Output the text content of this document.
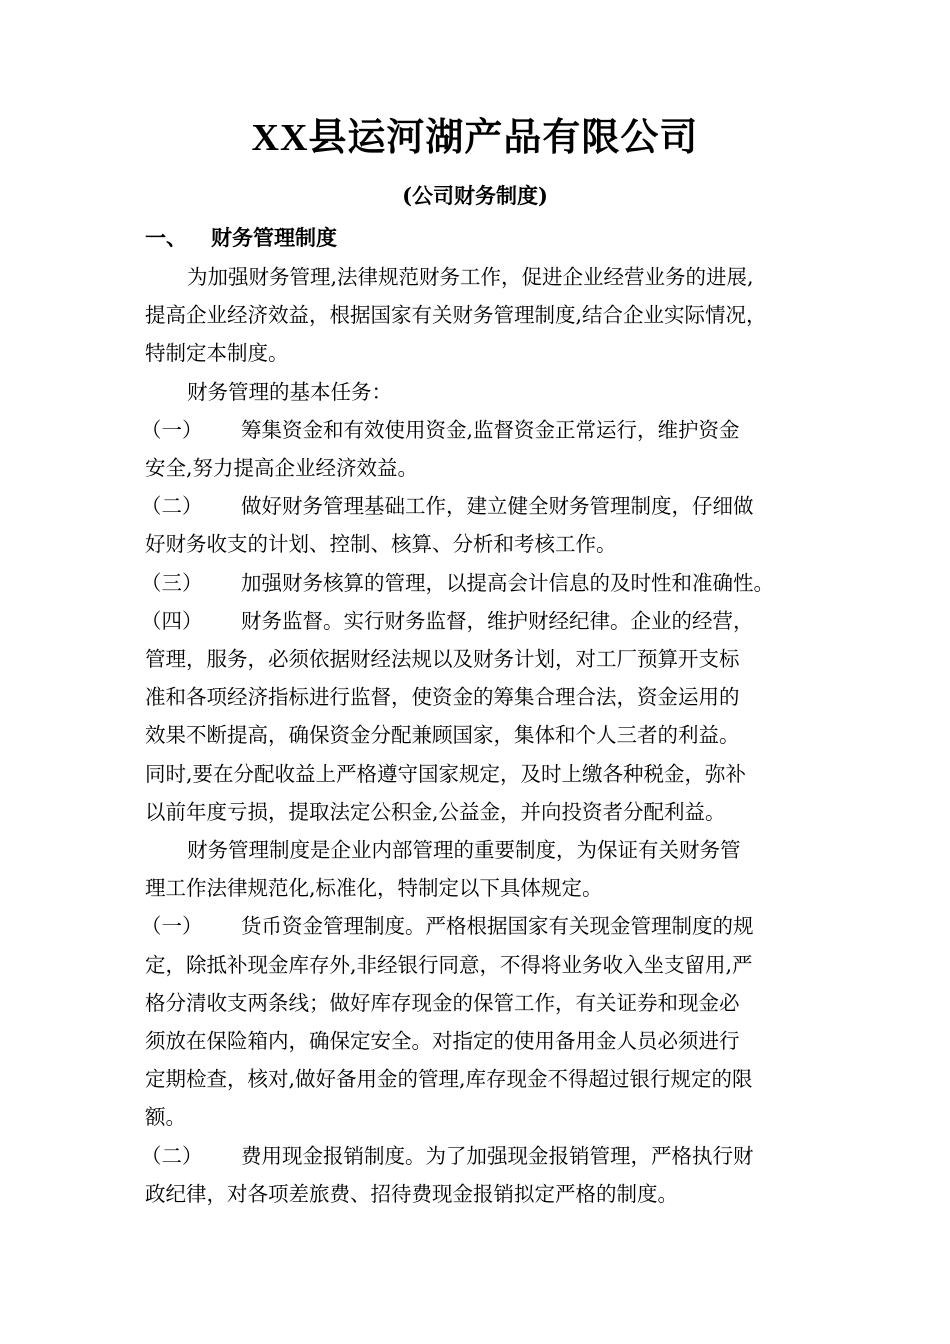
XX县运河湖产品有限公司
(公司财务制度)
一、 财务管理制度

为加强财务管理,法律规范财务工作，促进企业经营业务的进展,
提高企业经济效益，根据国家有关财务管理制度,结合企业实际情况，
特制定本制度。

财务管理的基本任务：

（一） 筹集资金和有效使用资金,监督资金正常运行，维护资金
安全,努力提高企业经济效益。
（二） 做好财务管理基础工作，建立健全财务管理制度，仔细做
好财务收支的计划、控制、核算、分析和考核工作。
（三） 加强财务核算的管理，以提高会计信息的及时性和准确性。
（四） 财务监督。实行财务监督，维护财经纪律。企业的经营，
管理，服务，必须依据财经法规以及财务计划，对工厂预算开支标
准和各项经济指标进行监督，使资金的筹集合理合法，资金运用的
效果不断提高，确保资金分配兼顾国家，集体和个人三者的利益。
同时,要在分配收益上严格遵守国家规定，及时上缴各种税金，弥补
以前年度亏损，提取法定公积金,公益金，并向投资者分配利益。

财务管理制度是企业内部管理的重要制度，为保证有关财务管
理工作法律规范化,标准化，特制定以下具体规定。

（一） 货币资金管理制度。严格根据国家有关现金管理制度的规
定，除抵补现金库存外,非经银行同意，不得将业务收入坐支留用,严
格分清收支两条线；做好库存现金的保管工作，有关证券和现金必
须放在保险箱内，确保定安全。对指定的使用备用金人员必须进行
定期检查，核对,做好备用金的管理,库存现金不得超过银行规定的限
额。
（二） 费用现金报销制度。为了加强现金报销管理，严格执行财
政纪律，对各项差旅费、招待费现金报销拟定严格的制度。
